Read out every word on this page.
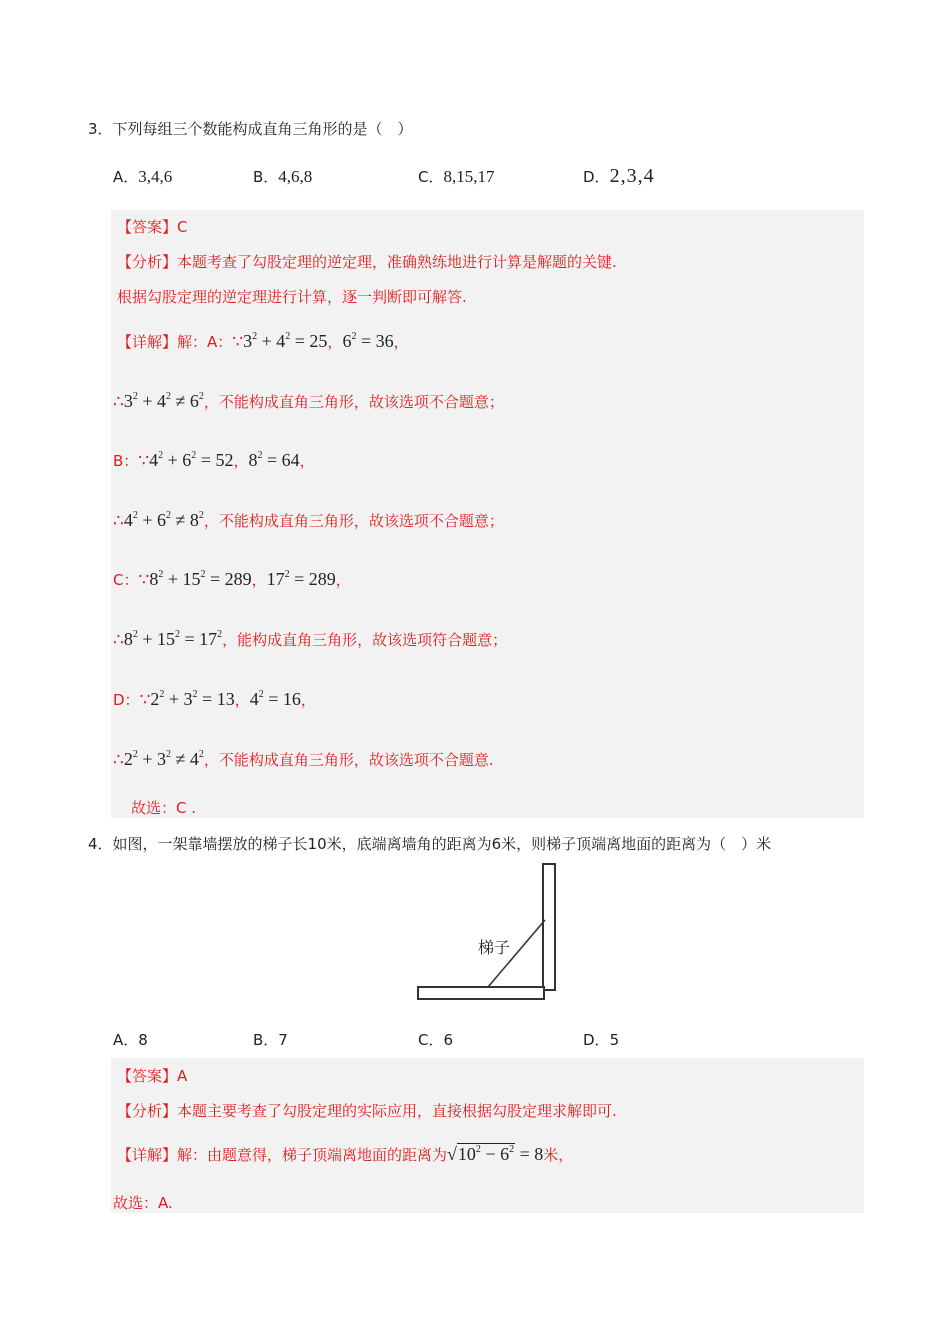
3．下列每组三个数能构成直角三角形的是（　）
A．3,4,6	B．4,6,8	C．8,15,17	D．2,3,4
【答案】C
【分析】本题考查了勾股定理的逆定理，准确熟练地进行计算是解题的关键.
根据勾股定理的逆定理进行计算，逐一判断即可解答.
【详解】解：A：$\because 3^2 + 4^2 = 25$，$6^2 = 36$，
$\therefore 3^2 + 4^2 \ne 6^2$，不能构成直角三角形，故该选项不合题意；
B：$\because 4^2 + 6^2 = 52$，$8^2 = 64$，
$\therefore 4^2 + 6^2 \ne 8^2$，不能构成直角三角形，故该选项不合题意；
C：$\because 8^2 + 15^2 = 289$，$17^2 = 289$，
$\therefore 8^2 + 15^2 = 17^2$，能构成直角三角形，故该选项符合题意；
D：$\because 2^2 + 3^2 = 13$，$4^2 = 16$，
$\therefore 2^2 + 3^2 \ne 4^2$，不能构成直角三角形，故该选项不合题意.
故选：C .
4．如图，一架靠墙摆放的梯子长10米，底端离墙角的距离为6米，则梯子顶端离地面的距离为（　）米
梯子
A．8	B．7	C．6	D．5
【答案】A
【分析】本题主要考查了勾股定理的实际应用，直接根据勾股定理求解即可.
【详解】解：由题意得，梯子顶端离地面的距离为$√10^2 - 6^2 = 8$米，
故选：A.
